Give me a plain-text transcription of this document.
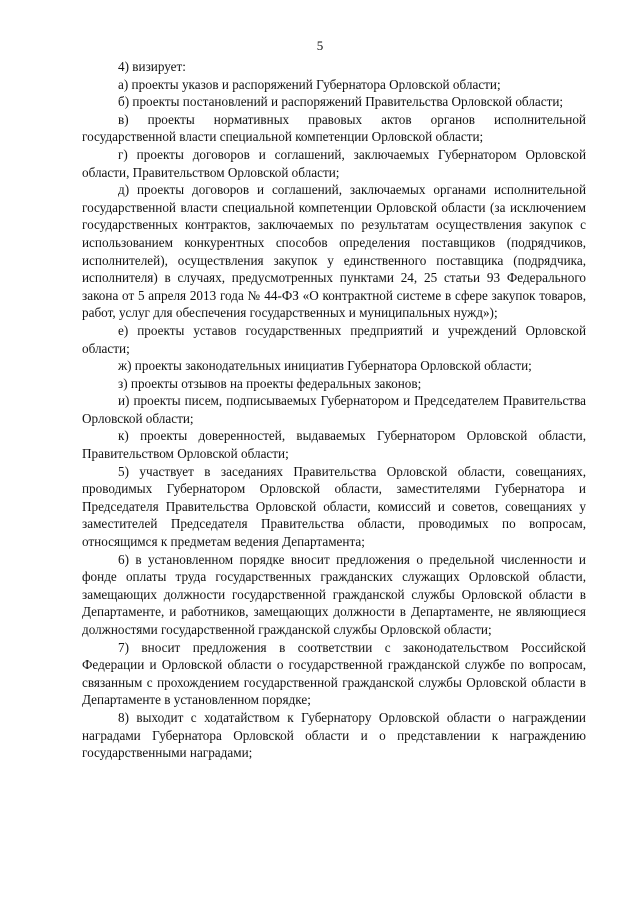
5

4) визирует:

а) проекты указов и распоряжений Губернатора Орловской области;

б) проекты постановлений и распоряжений Правительства Орловской области;

в) проекты нормативных правовых актов органов исполнительной государственной власти специальной компетенции Орловской области;

г) проекты договоров и соглашений, заключаемых Губернатором Орловской области, Правительством Орловской области;

д) проекты договоров и соглашений, заключаемых органами исполнительной государственной власти специальной компетенции Орловской области (за исключением государственных контрактов, заключаемых по результатам осуществления закупок с использованием конкурентных способов определения поставщиков (подрядчиков, исполнителей), осуществления закупок у единственного поставщика (подрядчика, исполнителя) в случаях, предусмотренных пунктами 24, 25 статьи 93 Федерального закона от 5 апреля 2013 года № 44-ФЗ «О контрактной системе в сфере закупок товаров, работ, услуг для обеспечения государственных и муниципальных нужд»);

е) проекты уставов государственных предприятий и учреждений Орловской области;

ж) проекты законодательных инициатив Губернатора Орловской области;

з) проекты отзывов на проекты федеральных законов;

и) проекты писем, подписываемых Губернатором и Председателем Правительства Орловской области;

к) проекты доверенностей, выдаваемых Губернатором Орловской области, Правительством Орловской области;

5) участвует в заседаниях Правительства Орловской области, совещаниях, проводимых Губернатором Орловской области, заместителями Губернатора и Председателя Правительства Орловской области, комиссий и советов, совещаниях у заместителей Председателя Правительства области, проводимых по вопросам, относящимся к предметам ведения Департамента;

6) в установленном порядке вносит предложения о предельной численности и фонде оплаты труда государственных гражданских служащих Орловской области, замещающих должности государственной гражданской службы Орловской области в Департаменте, и работников, замещающих должности в Департаменте, не являющиеся должностями государственной гражданской службы Орловской области;

7) вносит предложения в соответствии с законодательством Российской Федерации и Орловской области о государственной гражданской службе по вопросам, связанным с прохождением государственной гражданской службы Орловской области в Департаменте в установленном порядке;

8) выходит с ходатайством к Губернатору Орловской области о награждении наградами Губернатора Орловской области и о представлении к награждению государственными наградами;
